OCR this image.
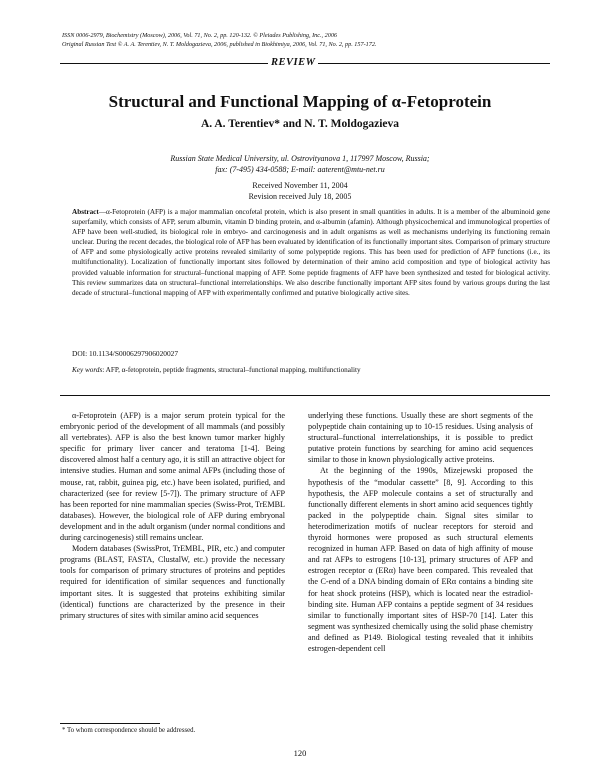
ISSN 0006-2979, Biochemistry (Moscow), 2006, Vol. 71, No. 2, pp. 120-132. © Pleiades Publishing, Inc., 2006
Original Russian Text © A. A. Terentiev, N. T. Moldogazieva, 2006, published in Biokhimiya, 2006, Vol. 71, No. 2, pp. 157-172.
REVIEW
Structural and Functional Mapping of α-Fetoprotein
A. A. Terentiev* and N. T. Moldogazieva
Russian State Medical University, ul. Ostrovityanova 1, 117997 Moscow, Russia;
fax: (7-495) 434-0588; E-mail: aaterent@mtu-net.ru
Received November 11, 2004
Revision received July 18, 2005
Abstract—α-Fetoprotein (AFP) is a major mammalian oncofetal protein, which is also present in small quantities in adults. It is a member of the albuminoid gene superfamily, which consists of AFP, serum albumin, vitamin D binding protein, and α-albumin (afamin). Although physicochemical and immunological properties of AFP have been well-studied, its biological role in embryo- and carcinogenesis and in adult organisms as well as mechanisms underlying its functioning remain unclear. During the recent decades, the biological role of AFP has been evaluated by identification of its functionally important sites. Comparison of primary structure of AFP and some physiologically active proteins revealed similarity of some polypeptide regions. This has been used for prediction of AFP functions (i.e., its multifunctionality). Localization of functionally important sites followed by determination of their amino acid composition and type of biological activity has provided valuable information for structural–functional mapping of AFP. Some peptide fragments of AFP have been synthesized and tested for biological activity. This review summarizes data on structural–functional interrelationships. We also describe functionally important AFP sites found by various groups during the last decade of structural–functional mapping of AFP with experimentally confirmed and putative biologically active sites.
DOI: 10.1134/S0006297906020027
Key words: AFP, α-fetoprotein, peptide fragments, structural–functional mapping, multifunctionality

α-Fetoprotein (AFP) is a major serum protein typical for the embryonic period of the development of all mammals (and possibly all vertebrates). AFP is also the best known tumor marker highly specific for primary liver cancer and teratoma [1-4]. Being discovered almost half a century ago, it is still an attractive object for intensive studies. Human and some animal AFPs (including those of mouse, rat, rabbit, guinea pig, etc.) have been isolated, purified, and characterized (see for review [5-7]). The primary structure of AFP has been reported for nine mammalian species (Swiss-Prot, TrEMBL databases). However, the biological role of AFP during embryonal development and in the adult organism (under normal conditions and during carcinogenesis) still remains unclear.

Modern databases (SwissProt, TrEMBL, PIR, etc.) and computer programs (BLAST, FASTA, ClustalW, etc.) provide the necessary tools for comparison of primary structures of proteins and peptides required for identification of similar sequences and functionally important sites. It is suggested that proteins exhibiting similar (identical) functions are characterized by the presence in their primary structures of sites with similar amino acid sequences

underlying these functions. Usually these are short segments of the polypeptide chain containing up to 10-15 residues. Using analysis of structural–functional interrelationships, it is possible to predict putative protein functions by searching for amino acid sequences similar to those in known physiologically active proteins.

At the beginning of the 1990s, Mizejewski proposed the hypothesis of the “modular cassette” [8, 9]. According to this hypothesis, the AFP molecule contains a set of structurally and functionally different elements in short amino acid sequences tightly packed in the polypeptide chain. Signal sites similar to heterodimerization motifs of nuclear receptors for steroid and thyroid hormones were proposed as such structural elements recognized in human AFP. Based on data of high affinity of mouse and rat AFPs to estrogens [10-13], primary structures of AFP and estrogen receptor α (ERα) have been compared. This revealed that the C-end of a DNA binding domain of ERα contains a binding site for heat shock proteins (HSP), which is located near the estradiol-binding site. Human AFP contains a peptide segment of 34 residues similar to functionally important sites of HSP-70 [14]. Later this segment was synthesized chemically using the solid phase chemistry and defined as P149. Biological testing revealed that it inhibits estrogen-dependent cell

* To whom correspondence should be addressed.
120
